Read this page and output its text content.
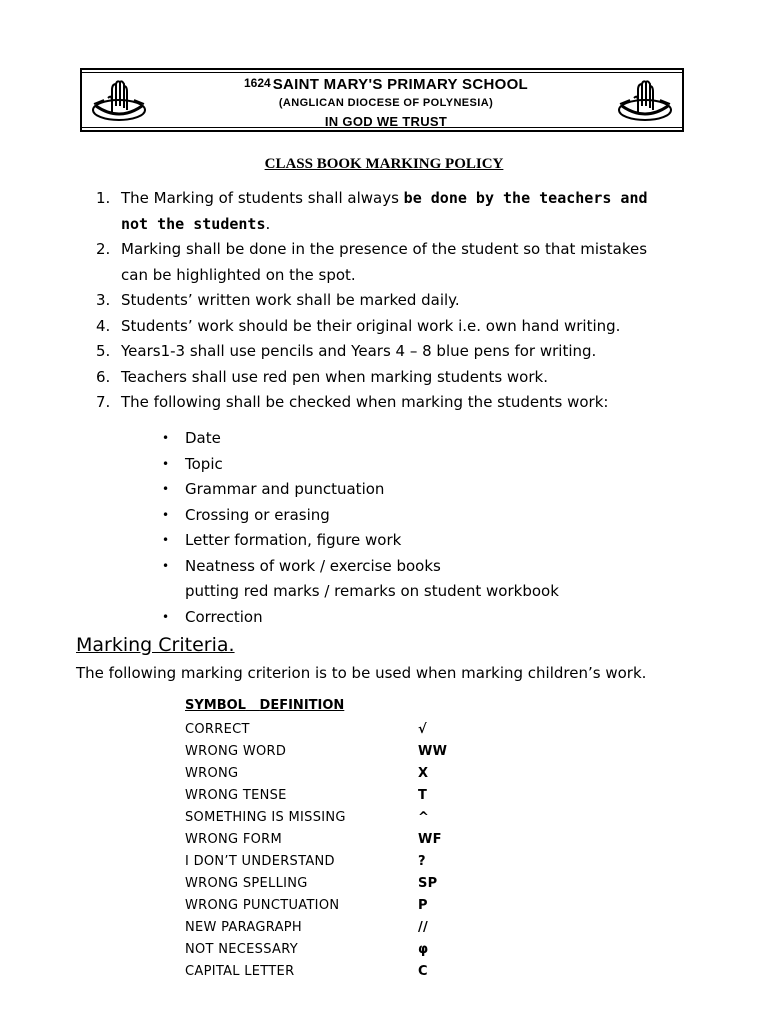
1624 SAINT MARY'S PRIMARY SCHOOL
(ANGLICAN DIOCESE OF POLYNESIA)
IN GOD WE TRUST
CLASS BOOK MARKING POLICY
1. The Marking of students shall always be done by the teachers and
not the students.
2. Marking shall be done in the presence of the student so that mistakes
can be highlighted on the spot.
3. Students’ written work shall be marked daily.
4. Students’ work should be their original work i.e. own hand writing.
5. Years1-3 shall use pencils and Years 4 – 8 blue pens for writing.
6. Teachers shall use red pen when marking students work.
7. The following shall be checked when marking the students work:
• Date
• Topic
• Grammar and punctuation
• Crossing or erasing
• Letter formation, figure work
• Neatness of work / exercise books
putting red marks / remarks on student workbook
• Correction
Marking Criteria.
The following marking criterion is to be used when marking children’s work.
SYMBOL DEFINITION
CORRECT	√
WRONG WORD	WW
WRONG	X
WRONG TENSE	T
SOMETHING IS MISSING	^
WRONG FORM	WF
I DON’T UNDERSTAND	?
WRONG SPELLING	SP
WRONG PUNCTUATION	P
NEW PARAGRAPH	//
NOT NECESSARY	φ
CAPITAL LETTER	C
